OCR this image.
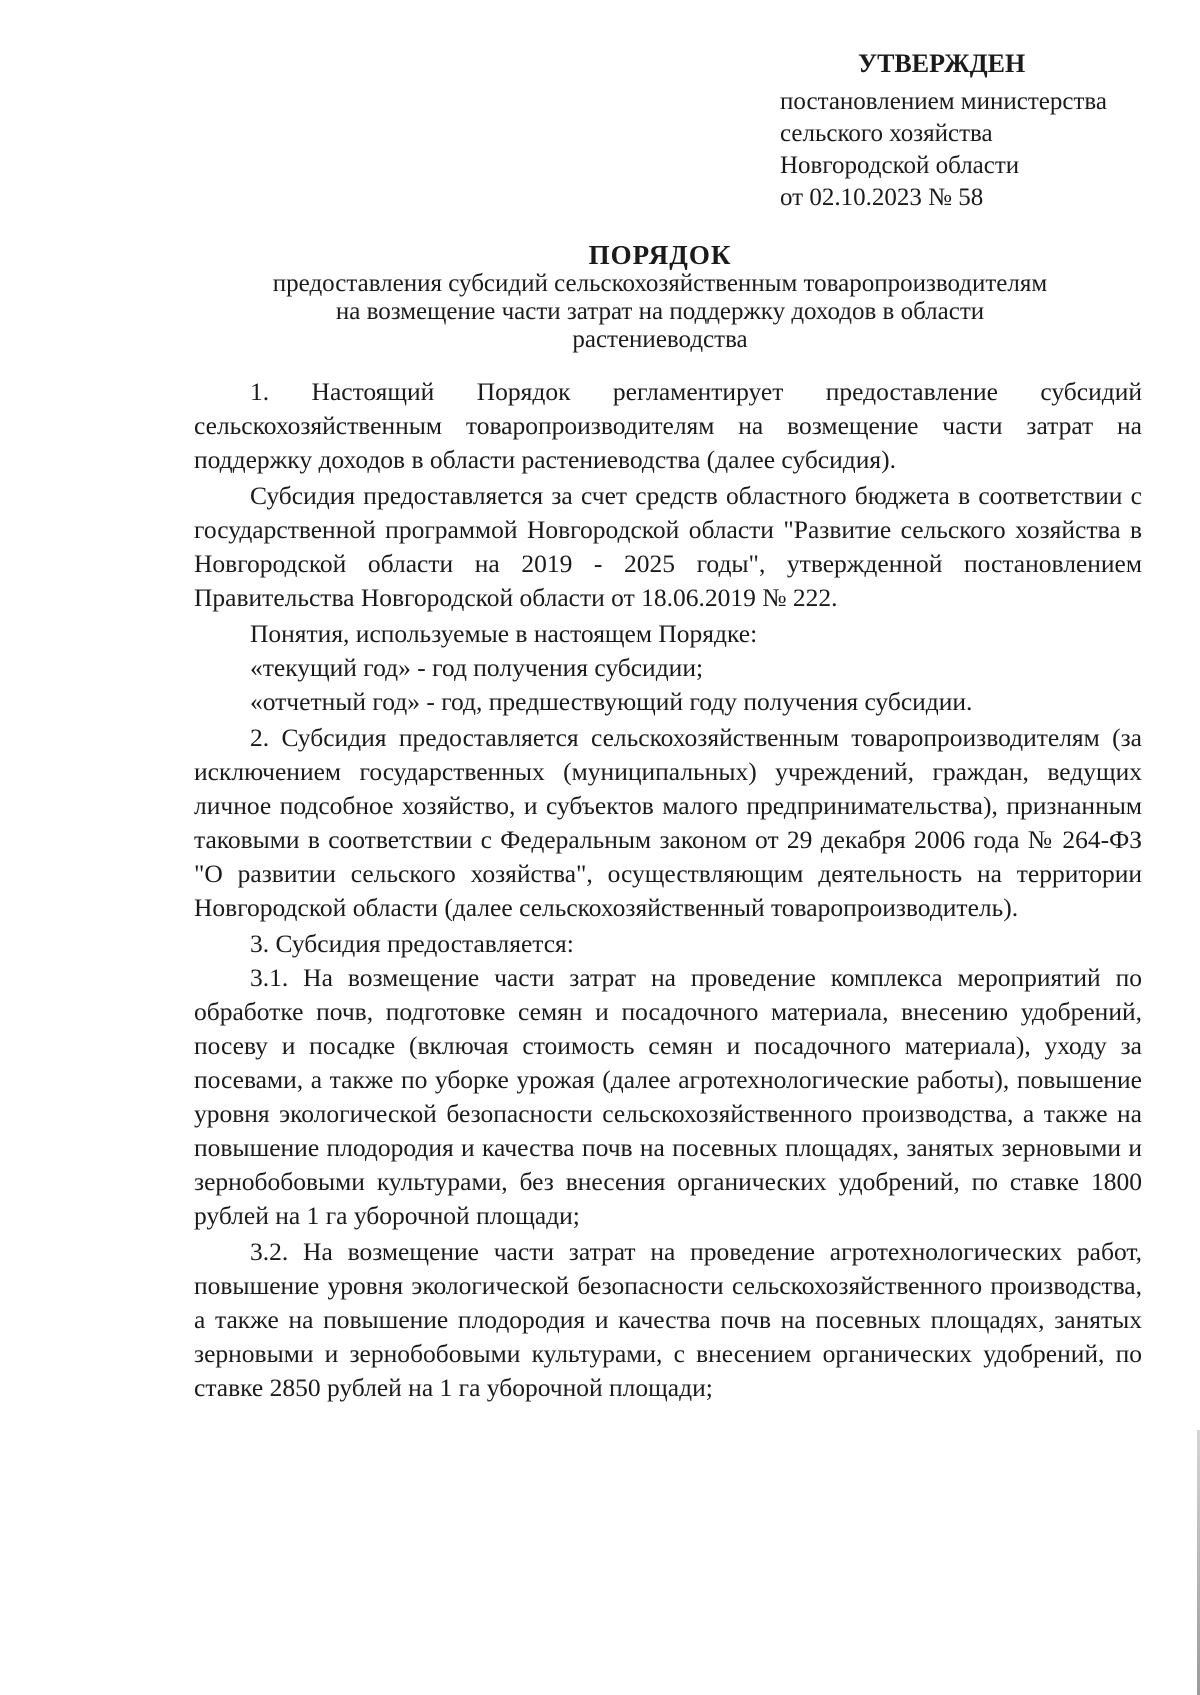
УТВЕРЖДЕН
постановлением министерства
сельского хозяйства
Новгородской области
от 02.10.2023 № 58
ПОРЯДОК
предоставления субсидий сельскохозяйственным товаропроизводителям
на возмещение части затрат на поддержку доходов в области
растениеводства

1. Настоящий Порядок регламентирует предоставление субсидий сельскохозяйственным товаропроизводителям на возмещение части затрат на поддержку доходов в области растениеводства (далее субсидия).

Субсидия предоставляется за счет средств областного бюджета в соответствии с государственной программой Новгородской области "Развитие сельского хозяйства в Новгородской области на 2019 - 2025 годы", утвержденной постановлением Правительства Новгородской области от 18.06.2019 № 222.

Понятия, используемые в настоящем Порядке:

«текущий год» - год получения субсидии;

«отчетный год» - год, предшествующий году получения субсидии.

2. Субсидия предоставляется сельскохозяйственным товаропроизводителям (за исключением государственных (муниципальных) учреждений, граждан, ведущих личное подсобное хозяйство, и субъектов малого предпринимательства), признанным таковыми в соответствии с Федеральным законом от 29 декабря 2006 года № 264-ФЗ "О развитии сельского хозяйства", осуществляющим деятельность на территории Новгородской области (далее сельскохозяйственный товаропроизводитель).

3. Субсидия предоставляется:

3.1. На возмещение части затрат на проведение комплекса мероприятий по обработке почв, подготовке семян и посадочного материала, внесению удобрений, посеву и посадке (включая стоимость семян и посадочного материала), уходу за посевами, а также по уборке урожая (далее агротехнологические работы), повышение уровня экологической безопасности сельскохозяйственного производства, а также на повышение плодородия и качества почв на посевных площадях, занятых зерновыми и зернобобовыми культурами, без внесения органических удобрений, по ставке 1800 рублей на 1 га уборочной площади;

3.2. На возмещение части затрат на проведение агротехнологических работ, повышение уровня экологической безопасности сельскохозяйственного производства, а также на повышение плодородия и качества почв на посевных площадях, занятых зерновыми и зернобобовыми культурами, с внесением органических удобрений, по ставке 2850 рублей на 1 га уборочной площади;
